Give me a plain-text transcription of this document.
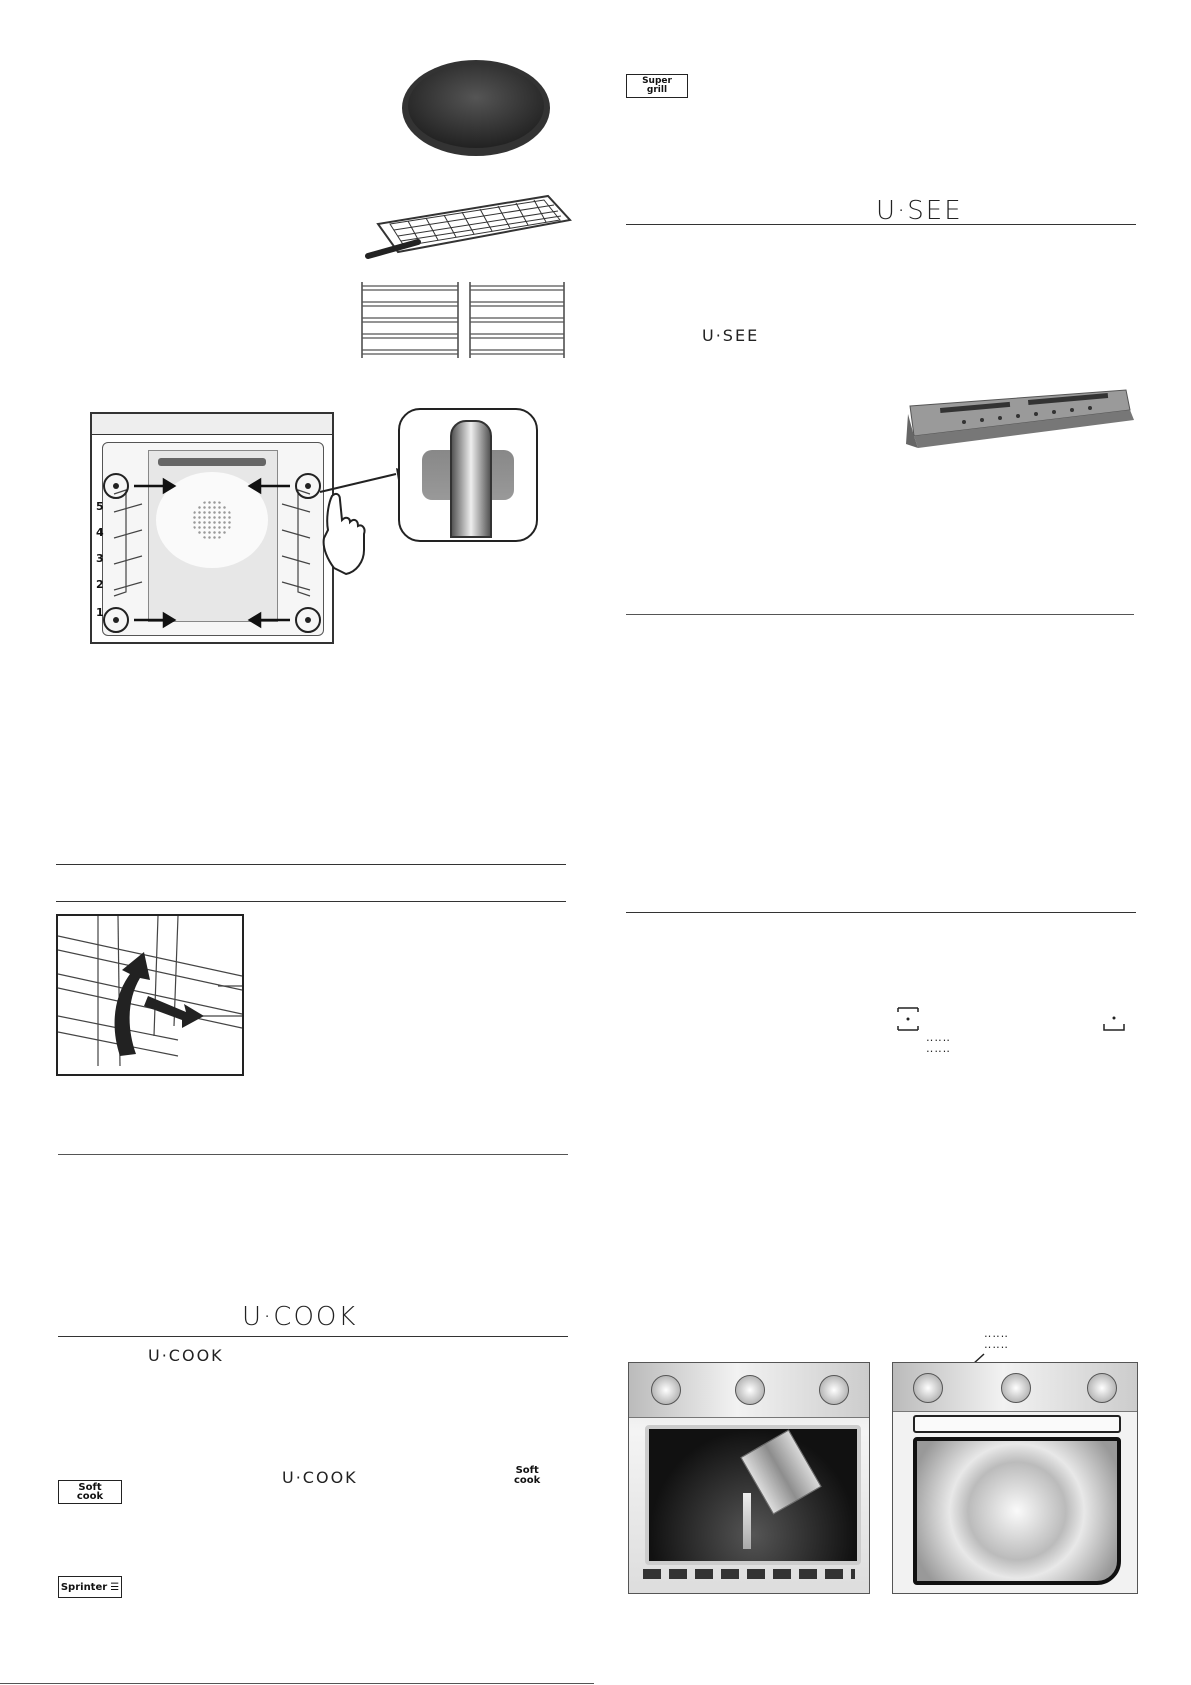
5
4
3
2
1
U·COOK
U·COOK
U·COOK	Soft
cook
Soft
cook
Sprinter ☰
Super
grill
U·SEE
U·SEE
‥‥‥
‥‥‥
‥‥‥
‥‥‥
